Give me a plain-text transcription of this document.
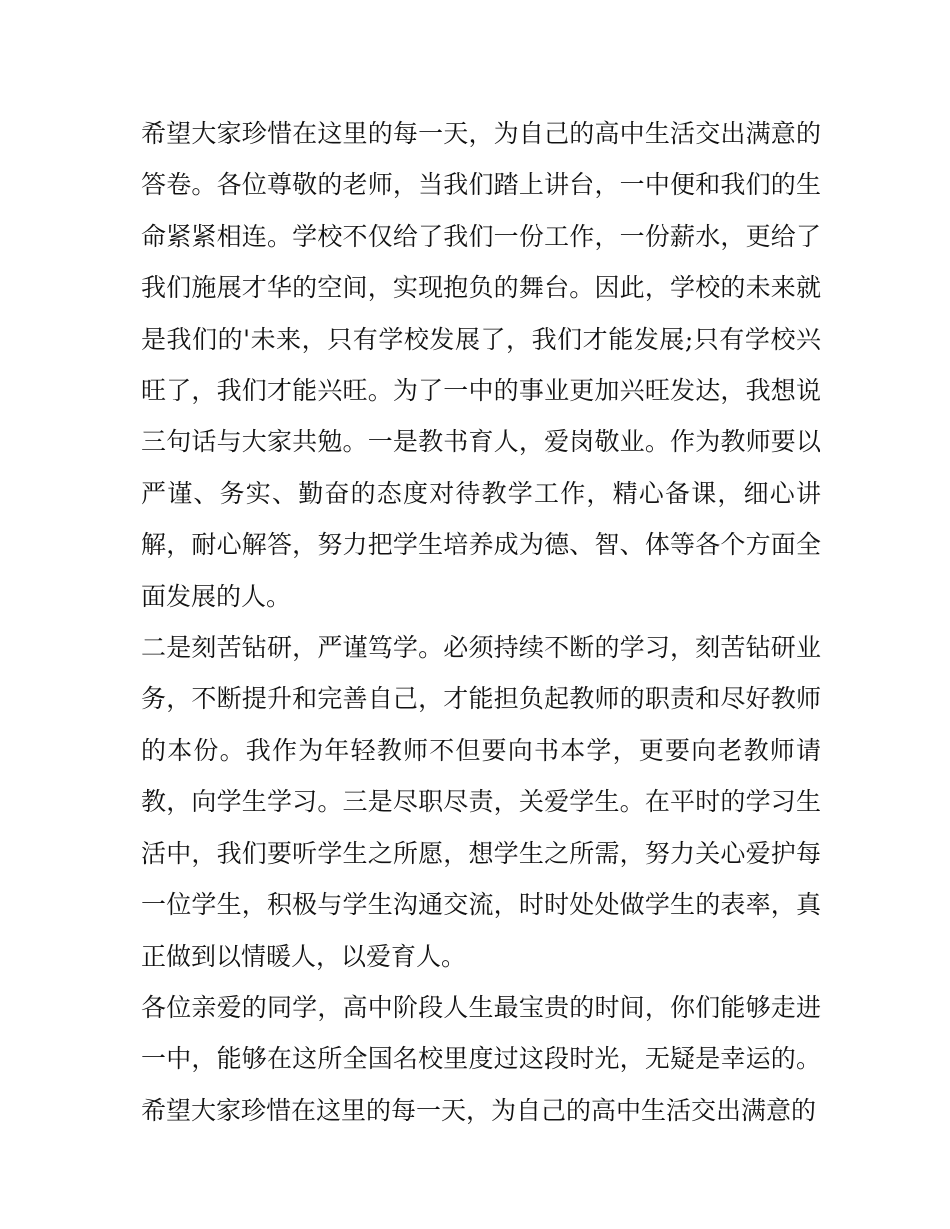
希望大家珍惜在这里的每一天，为自己的高中生活交出满意的答卷。各位尊敬的老师，当我们踏上讲台，一中便和我们的生命紧紧相连。学校不仅给了我们一份工作，一份薪水，更给了我们施展才华的空间，实现抱负的舞台。因此，学校的未来就是我们的'未来，只有学校发展了，我们才能发展;只有学校兴旺了，我们才能兴旺。为了一中的事业更加兴旺发达，我想说三句话与大家共勉。一是教书育人，爱岗敬业。作为教师要以严谨、务实、勤奋的态度对待教学工作，精心备课，细心讲解，耐心解答，努力把学生培养成为德、智、体等各个方面全面发展的人。

二是刻苦钻研，严谨笃学。必须持续不断的学习，刻苦钻研业务，不断提升和完善自己，才能担负起教师的职责和尽好教师的本份。我作为年轻教师不但要向书本学，更要向老教师请教，向学生学习。三是尽职尽责，关爱学生。在平时的学习生活中，我们要听学生之所愿，想学生之所需，努力关心爱护每一位学生，积极与学生沟通交流，时时处处做学生的表率，真正做到以情暖人，以爱育人。

各位亲爱的同学，高中阶段人生最宝贵的时间，你们能够走进一中，能够在这所全国名校里度过这段时光，无疑是幸运的。希望大家珍惜在这里的每一天，为自己的高中生活交出满意的
